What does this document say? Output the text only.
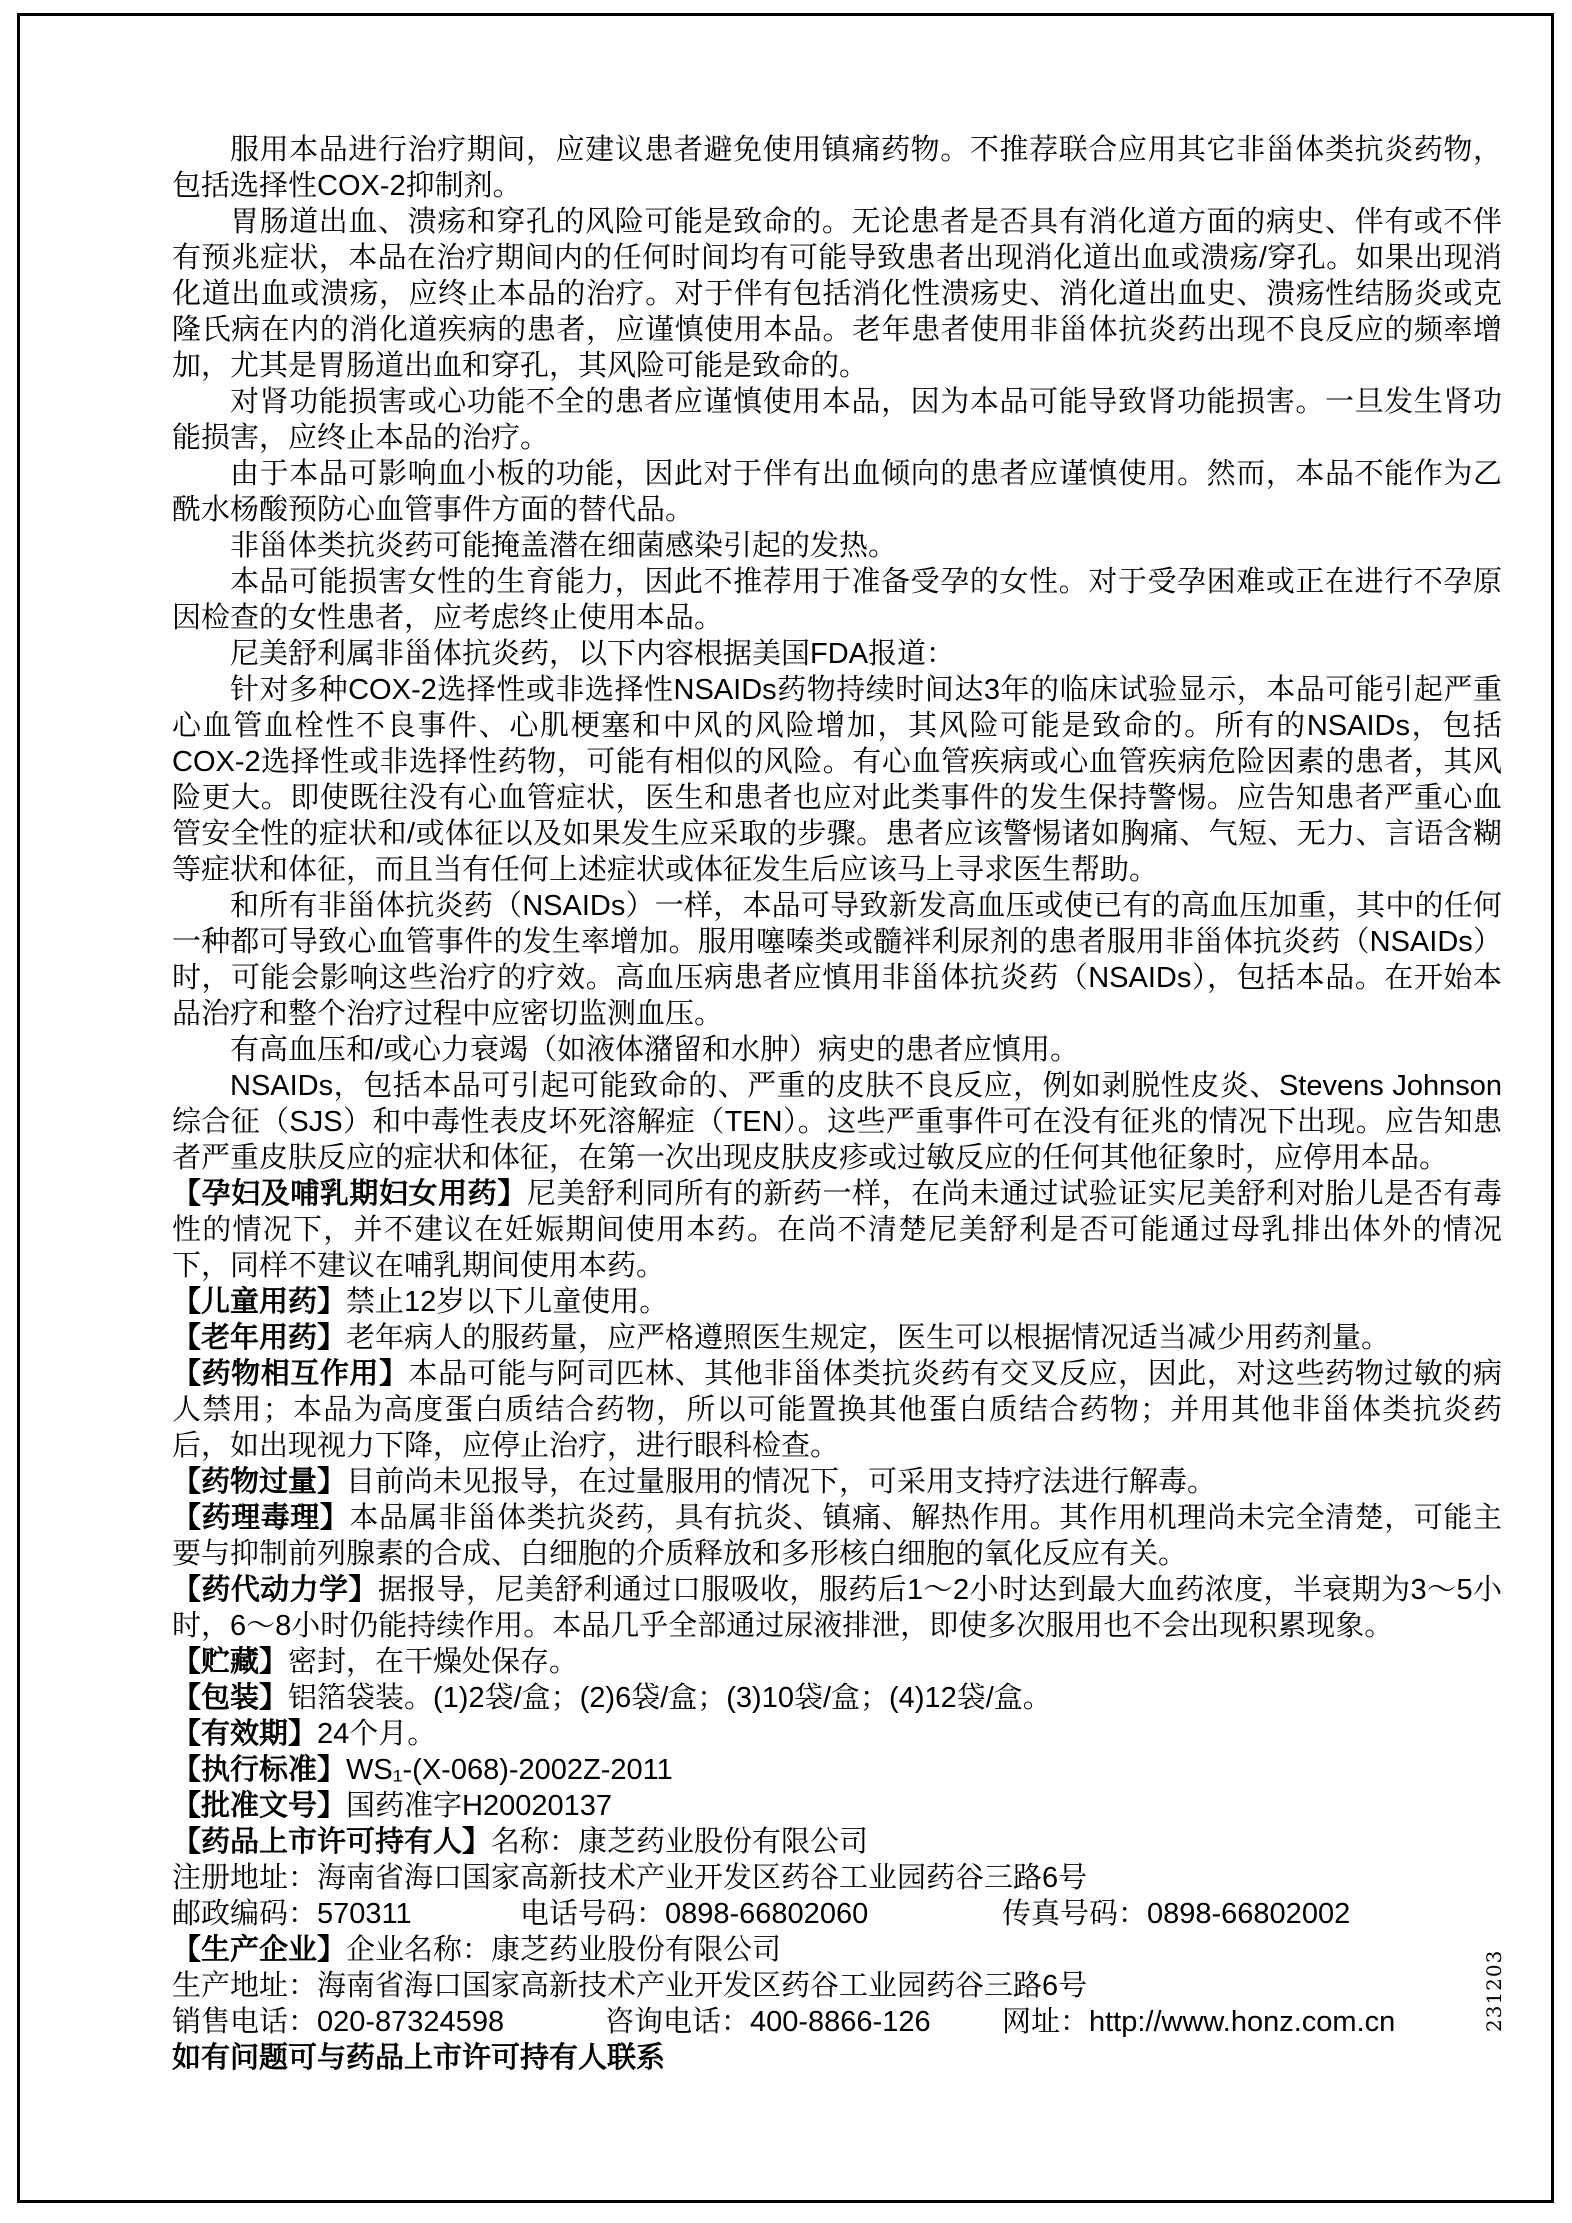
服用本品进行治疗期间，应建议患者避免使用镇痛药物。不推荐联合应用其它非甾体类抗炎药物，包括选择性COX-2抑制剂。
胃肠道出血、溃疡和穿孔的风险可能是致命的。无论患者是否具有消化道方面的病史、伴有或不伴有预兆症状，本品在治疗期间内的任何时间均有可能导致患者出现消化道出血或溃疡/穿孔。如果出现消化道出血或溃疡，应终止本品的治疗。对于伴有包括消化性溃疡史、消化道出血史、溃疡性结肠炎或克隆氏病在内的消化道疾病的患者，应谨慎使用本品。老年患者使用非甾体抗炎药出现不良反应的频率增加，尤其是胃肠道出血和穿孔，其风险可能是致命的。
对肾功能损害或心功能不全的患者应谨慎使用本品，因为本品可能导致肾功能损害。一旦发生肾功能损害，应终止本品的治疗。
由于本品可影响血小板的功能，因此对于伴有出血倾向的患者应谨慎使用。然而，本品不能作为乙酰水杨酸预防心血管事件方面的替代品。
非甾体类抗炎药可能掩盖潜在细菌感染引起的发热。
本品可能损害女性的生育能力，因此不推荐用于准备受孕的女性。对于受孕困难或正在进行不孕原因检查的女性患者，应考虑终止使用本品。
尼美舒利属非甾体抗炎药，以下内容根据美国FDA报道：
针对多种COX-2选择性或非选择性NSAIDs药物持续时间达3年的临床试验显示，本品可能引起严重心血管血栓性不良事件、心肌梗塞和中风的风险增加，其风险可能是致命的。所有的NSAIDs，包括COX-2选择性或非选择性药物，可能有相似的风险。有心血管疾病或心血管疾病危险因素的患者，其风险更大。即使既往没有心血管症状，医生和患者也应对此类事件的发生保持警惕。应告知患者严重心血管安全性的症状和/或体征以及如果发生应采取的步骤。患者应该警惕诸如胸痛、气短、无力、言语含糊等症状和体征，而且当有任何上述症状或体征发生后应该马上寻求医生帮助。
和所有非甾体抗炎药（NSAIDs）一样，本品可导致新发高血压或使已有的高血压加重，其中的任何一种都可导致心血管事件的发生率增加。服用噻嗪类或髓袢利尿剂的患者服用非甾体抗炎药（NSAIDs）时，可能会影响这些治疗的疗效。高血压病患者应慎用非甾体抗炎药（NSAIDs），包括本品。在开始本品治疗和整个治疗过程中应密切监测血压。
有高血压和/或心力衰竭（如液体潴留和水肿）病史的患者应慎用。
NSAIDs，包括本品可引起可能致命的、严重的皮肤不良反应，例如剥脱性皮炎、Stevens Johnson综合征（SJS）和中毒性表皮坏死溶解症（TEN）。这些严重事件可在没有征兆的情况下出现。应告知患者严重皮肤反应的症状和体征，在第一次出现皮肤皮疹或过敏反应的任何其他征象时，应停用本品。
【孕妇及哺乳期妇女用药】尼美舒利同所有的新药一样，在尚未通过试验证实尼美舒利对胎儿是否有毒性的情况下，并不建议在妊娠期间使用本药。在尚不清楚尼美舒利是否可能通过母乳排出体外的情况下，同样不建议在哺乳期间使用本药。
【儿童用药】禁止12岁以下儿童使用。
【老年用药】老年病人的服药量，应严格遵照医生规定，医生可以根据情况适当减少用药剂量。
【药物相互作用】本品可能与阿司匹林、其他非甾体类抗炎药有交叉反应，因此，对这些药物过敏的病人禁用；本品为高度蛋白质结合药物，所以可能置换其他蛋白质结合药物；并用其他非甾体类抗炎药后，如出现视力下降，应停止治疗，进行眼科检查。
【药物过量】目前尚未见报导，在过量服用的情况下，可采用支持疗法进行解毒。
【药理毒理】本品属非甾体类抗炎药，具有抗炎、镇痛、解热作用。其作用机理尚未完全清楚，可能主要与抑制前列腺素的合成、白细胞的介质释放和多形核白细胞的氧化反应有关。
【药代动力学】据报导，尼美舒利通过口服吸收，服药后1～2小时达到最大血药浓度，半衰期为3～5小时，6～8小时仍能持续作用。本品几乎全部通过尿液排泄，即使多次服用也不会出现积累现象。
【贮藏】密封，在干燥处保存。
【包装】铝箔袋装。(1)2袋/盒；(2)6袋/盒；(3)10袋/盒；(4)12袋/盒。
【有效期】24个月。
【执行标准】WS₁-(X-068)-2002Z-2011
【批准文号】国药准字H20020137
【药品上市许可持有人】名称：康芝药业股份有限公司
注册地址：海南省海口国家高新技术产业开发区药谷工业园药谷三路6号
邮政编码：570311	电话号码：0898-66802060	传真号码：0898-66802002
【生产企业】企业名称：康芝药业股份有限公司
生产地址：海南省海口国家高新技术产业开发区药谷工业园药谷三路6号
销售电话：020-87324598	咨询电话：400-8866-126 网址：http://www.honz.com.cn
如有问题可与药品上市许可持有人联系
231203
